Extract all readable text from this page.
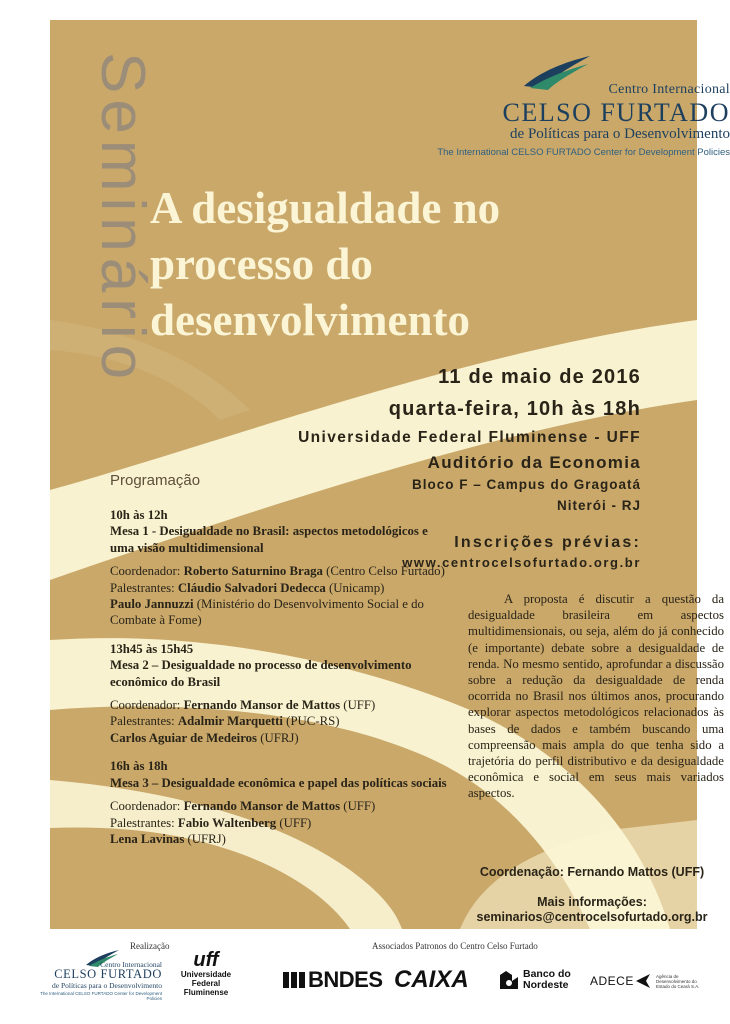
Seminário	Centro Internacional
CELSO FURTADO
de Políticas para o Desenvolvimento
The International CELSO FURTADO Center for Development Policies
A desigualdade no
processo do
desenvolvimento
11 de maio de 2016
quarta-feira, 10h às 18h
Universidade Federal Fluminense - UFF
Auditório da Economia
Bloco F – Campus do Gragoatá
Niterói - RJ
Inscrições prévias:
www.centrocelsofurtado.org.br
Programação
10h às 12h
Mesa 1 - Desigualdade no Brasil: aspectos metodológicos e uma visão multidimensional
Coordenador: Roberto Saturnino Braga (Centro Celso Furtado)
Palestrantes: Cláudio Salvadori Dedecca (Unicamp)
Paulo Jannuzzi (Ministério do Desenvolvimento Social e do Combate à Fome)
13h45 às 15h45
Mesa 2 – Desigualdade no processo de desenvolvimento econômico do Brasil
Coordenador: Fernando Mansor de Mattos (UFF)
Palestrantes: Adalmir Marquetti (PUC-RS)
Carlos Aguiar de Medeiros (UFRJ)
16h às 18h
Mesa 3 – Desigualdade econômica e papel das políticas sociais
Coordenador: Fernando Mansor de Mattos (UFF)
Palestrantes: Fabio Waltenberg (UFF)
Lena Lavinas (UFRJ)

A proposta é discutir a questão da desigualdade brasileira em aspectos multidimensionais, ou seja, além do já conhecido (e importante) debate sobre a desigualdade de renda. No mesmo sentido, aprofundar a discussão sobre a redução da desigualdade de renda ocorrida no Brasil nos últimos anos, procurando explorar aspectos metodológicos relacionados às bases de dados e também buscando uma compreensão mais ampla do que tenha sido a trajetória do perfil distributivo e da desigualdade econômica e social em seus mais variados aspectos.

Coordenação: Fernando Mattos (UFF)
Mais informações:
seminarios@centrocelsofurtado.org.br
Realização	Associados Patronos do Centro Celso Furtado
Centro Internacional
CELSO FURTADO
de Políticas para o Desenvolvimento
The International CELSO FURTADO Center for Development Policies
uff
Universidade
Federal
Fluminense
BNDES CAIXA	Banco do
Nordeste ADECE	Agência de Desenvolvimento do Estado do Ceará S.A.
